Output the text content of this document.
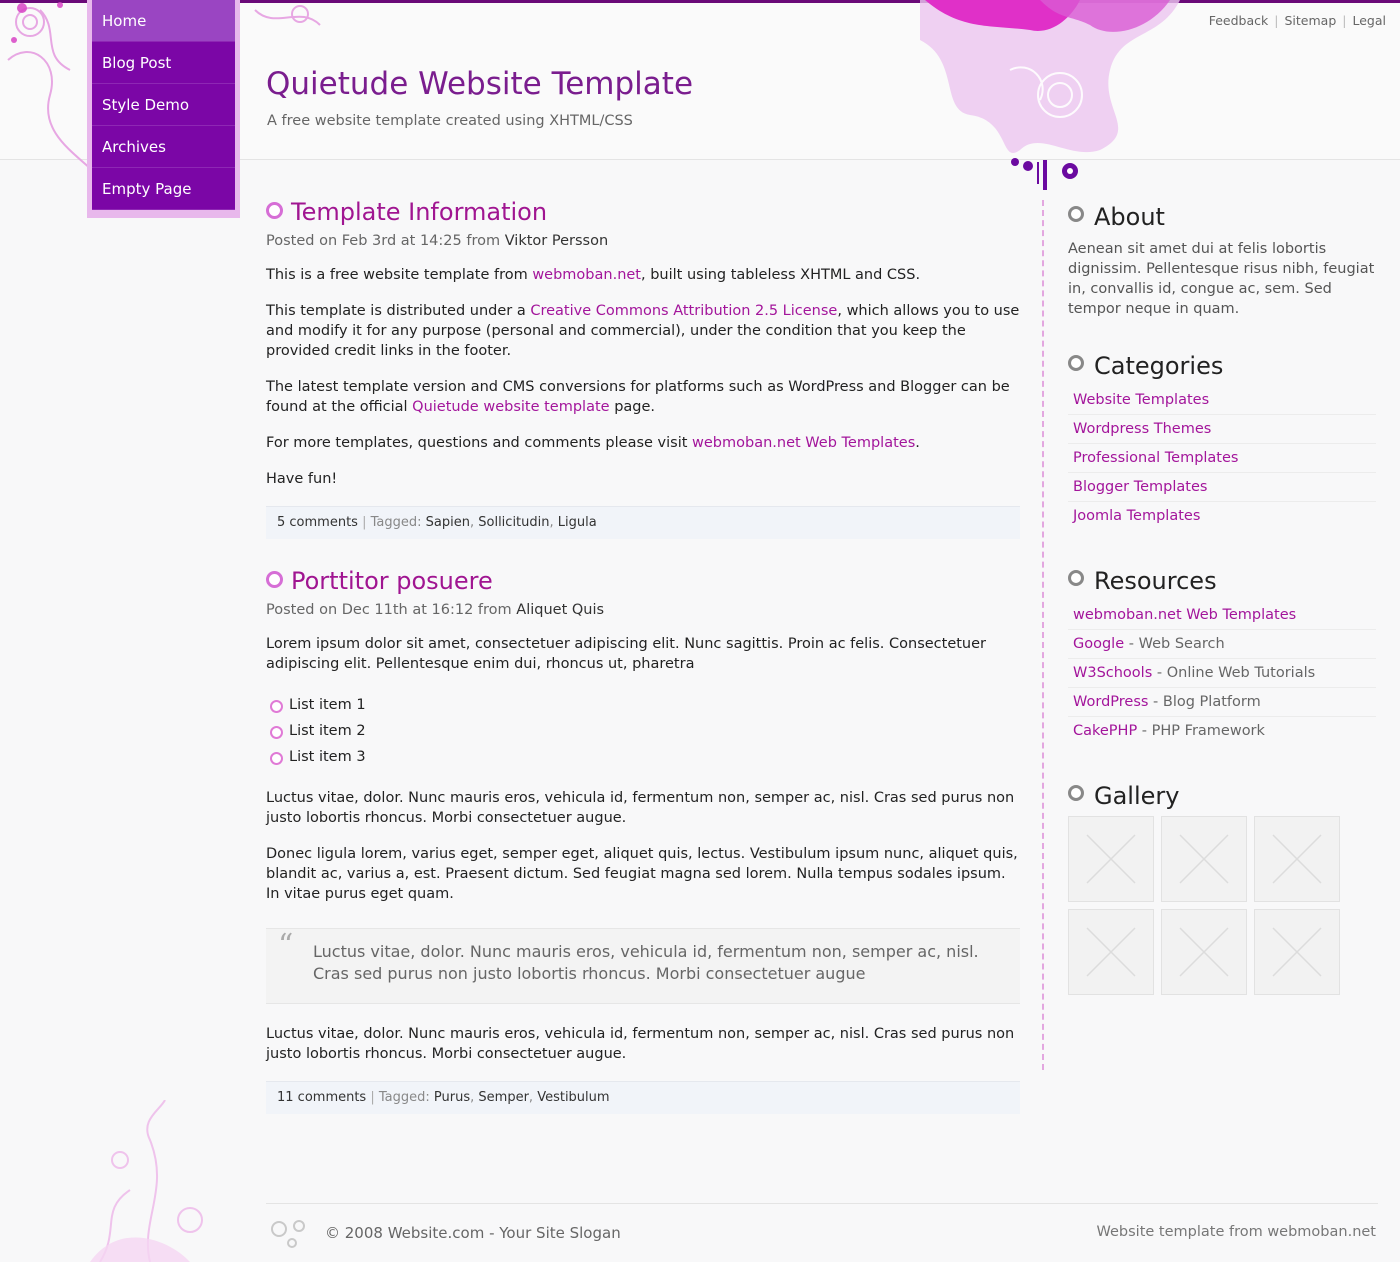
Feedback | Sitemap | Legal
Home
Blog Post
Style Demo
Archives
Empty Page
Quietude Website Template
A free website template created using XHTML/CSS
Template Information
Posted on Feb 3rd at 14:25 from Viktor Persson

This is a free website template from webmoban.net, built using tableless XHTML and CSS.

This template is distributed under a Creative Commons Attribution 2.5 License, which allows you to use and modify it for any purpose (personal and commercial), under the condition that you keep the provided credit links in the footer.

The latest template version and CMS conversions for platforms such as WordPress and Blogger can be found at the official Quietude website template page.

For more templates, questions and comments please visit webmoban.net Web Templates.

Have fun!

5 comments | Tagged: Sapien, Sollicitudin, Ligula
Porttitor posuere
Posted on Dec 11th at 16:12 from Aliquet Quis

Lorem ipsum dolor sit amet, consectetuer adipiscing elit. Nunc sagittis. Proin ac felis. Consectetuer adipiscing elit. Pellentesque enim dui, rhoncus ut, pharetra

List item 1
List item 2
List item 3

Luctus vitae, dolor. Nunc mauris eros, vehicula id, fermentum non, semper ac, nisl. Cras sed purus non justo lobortis rhoncus. Morbi consectetuer augue.

Donec ligula lorem, varius eget, semper eget, aliquet quis, lectus. Vestibulum ipsum nunc, aliquet quis, blandit ac, varius a, est. Praesent dictum. Sed feugiat magna sed lorem. Nulla tempus sodales ipsum. In vitae purus eget quam.

“ Luctus vitae, dolor. Nunc mauris eros, vehicula id, fermentum non, semper ac, nisl. Cras sed purus non justo lobortis rhoncus. Morbi consectetuer augue

Luctus vitae, dolor. Nunc mauris eros, vehicula id, fermentum non, semper ac, nisl. Cras sed purus non justo lobortis rhoncus. Morbi consectetuer augue.

11 comments | Tagged: Purus, Semper, Vestibulum
About

Aenean sit amet dui at felis lobortis dignissim. Pellentesque risus nibh, feugiat in, convallis id, congue ac, sem. Sed tempor neque in quam.

Categories
Website Templates
Wordpress Themes
Professional Templates
Blogger Templates
Joomla Templates
Resources
webmoban.net Web Templates
Google - Web Search
W3Schools - Online Web Tutorials
WordPress - Blog Platform
CakePHP - PHP Framework
Gallery
© 2008 Website.com - Your Site Slogan	Website template from webmoban.net
